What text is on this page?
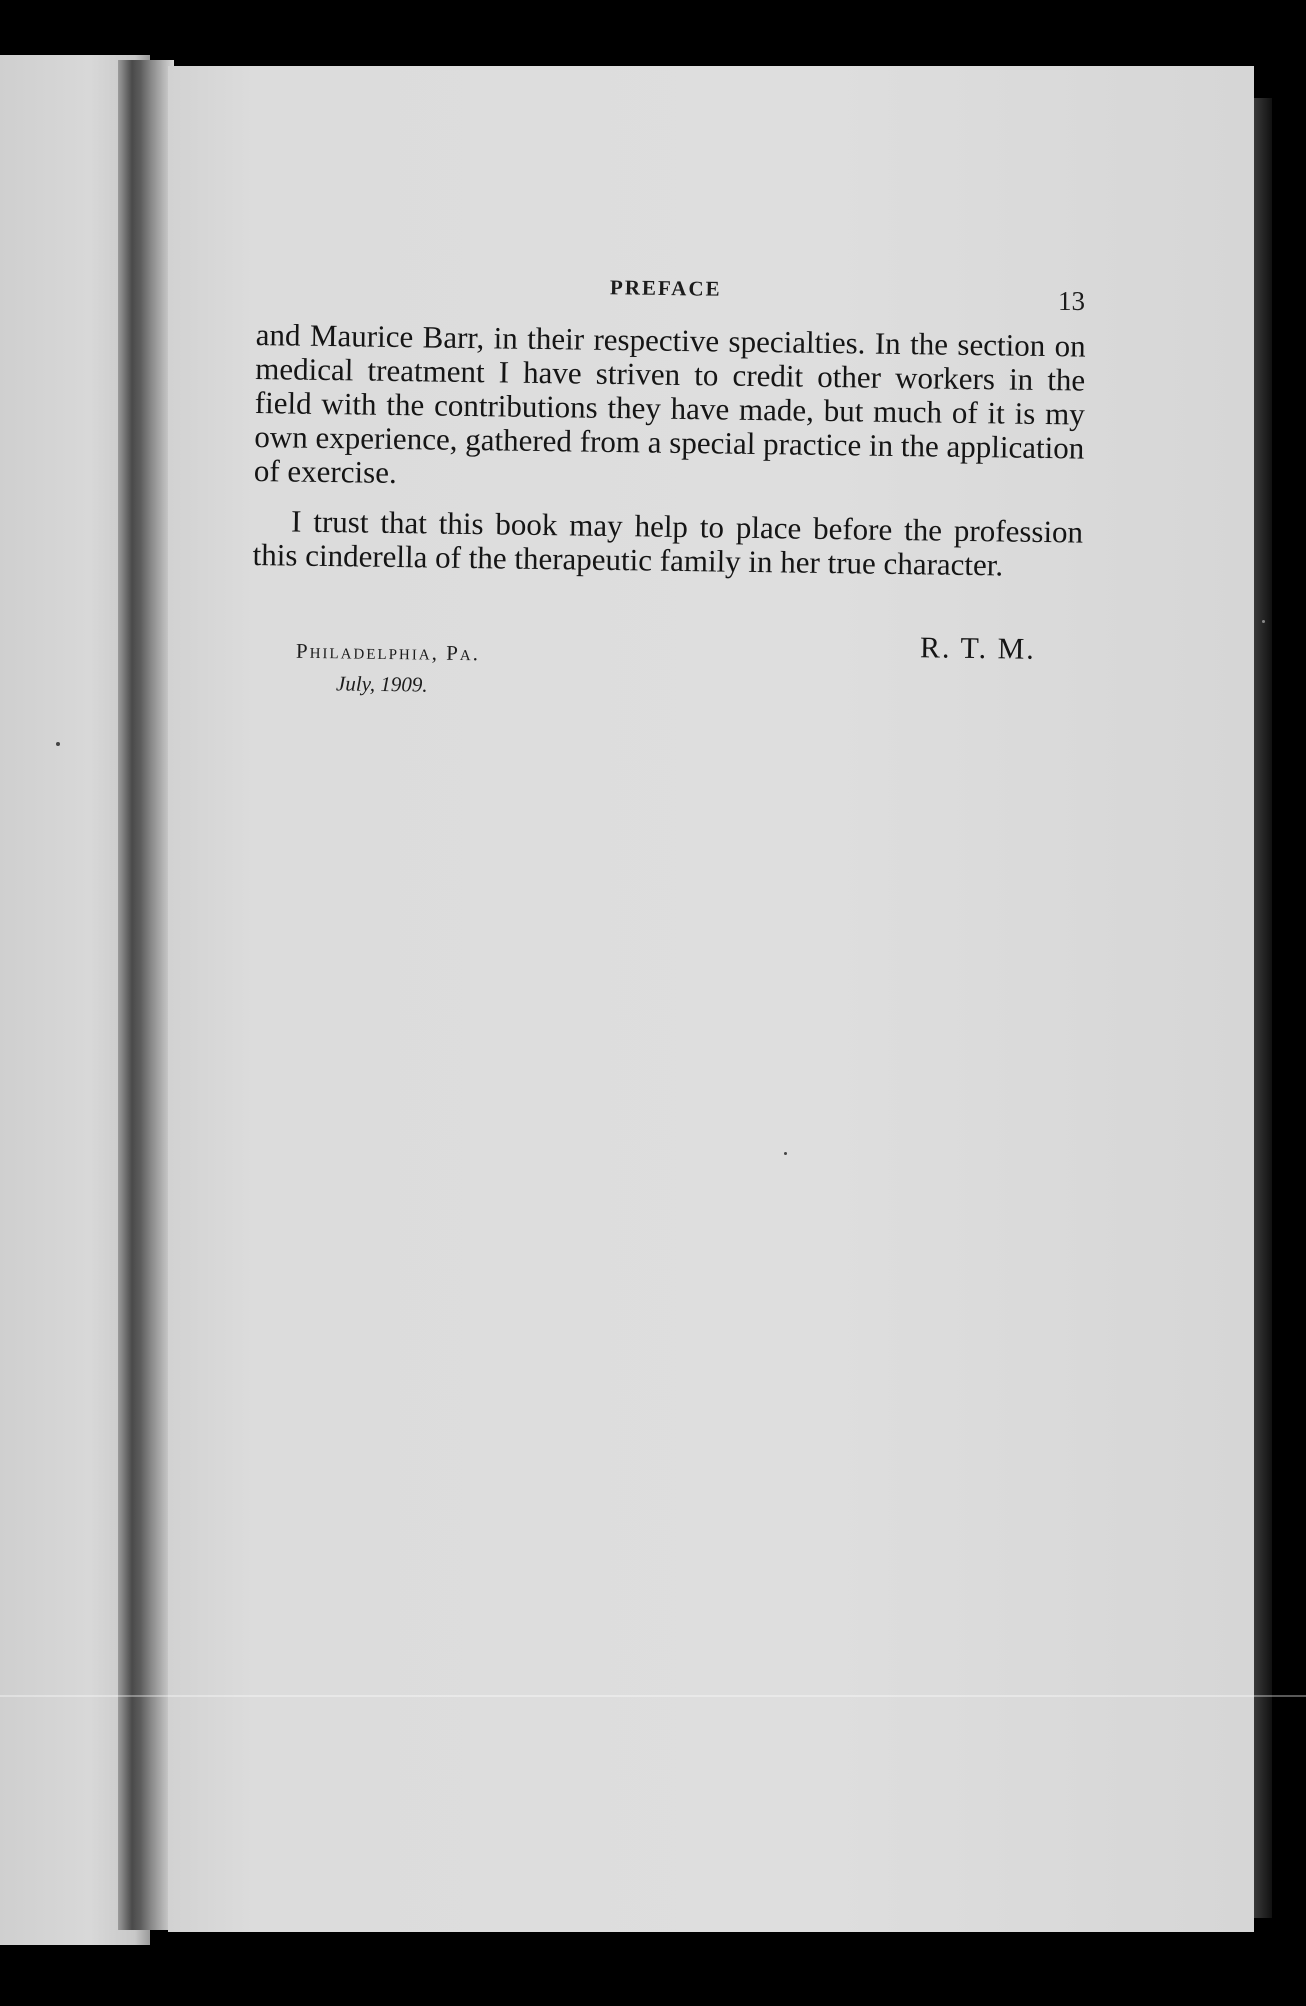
PREFACE	13

and Maurice Barr, in their respective specialties. In the section on medical treatment I have striven to credit other workers in the field with the contributions they have made, but much of it is my own experience, gathered from a special practice in the application of exercise.

I trust that this book may help to place before the profession this cinderella of the therapeutic family in her true character.

Philadelphia, Pa.
July, 1909.
R. T. M.
